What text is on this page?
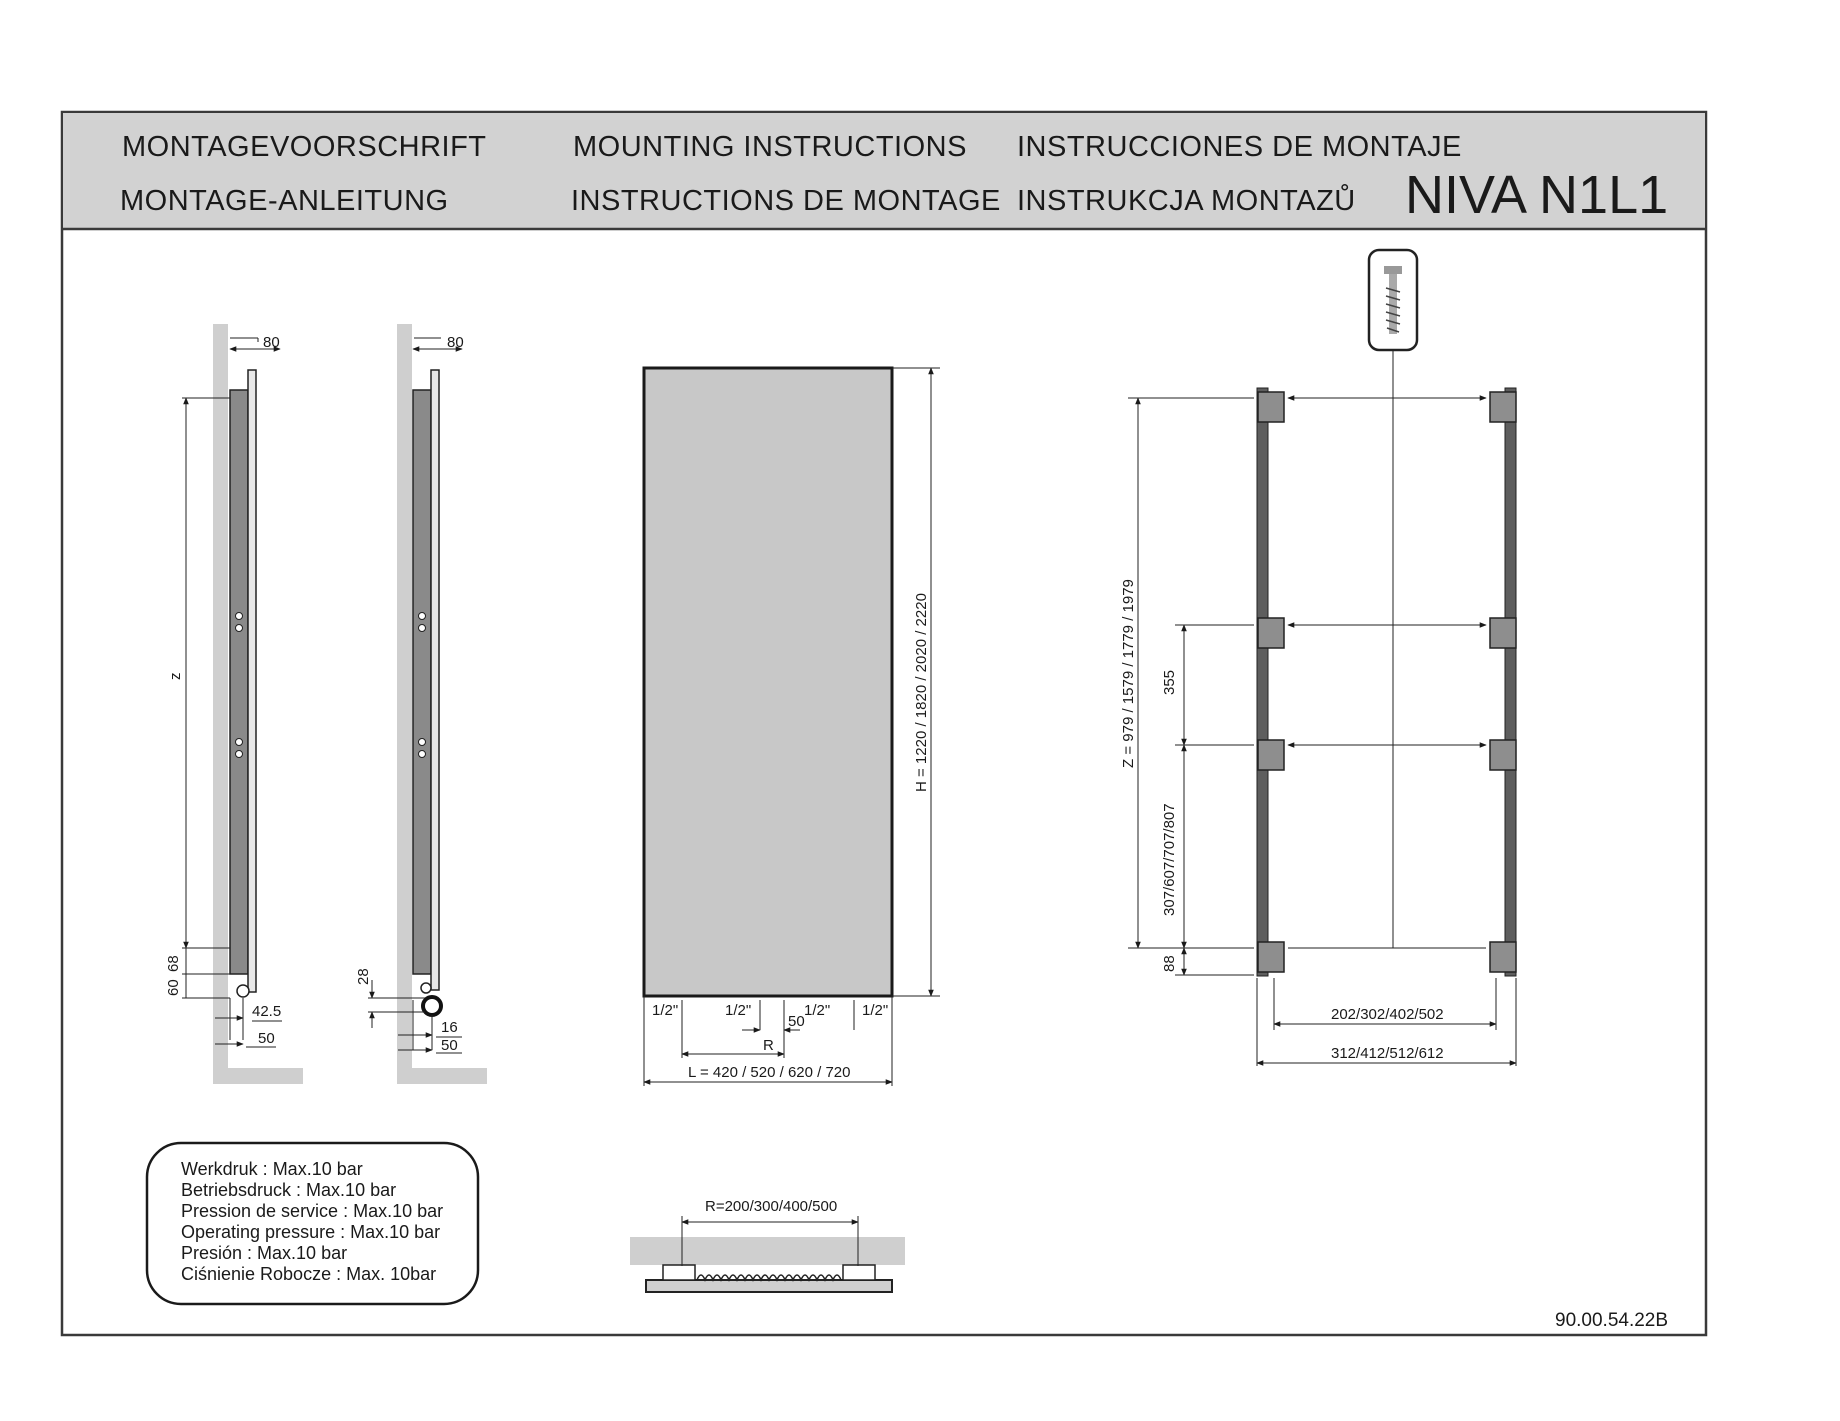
MONTAGEVOORSCHRIFT
MONTAGE-ANLEITUNG
MOUNTING INSTRUCTIONS
INSTRUCTIONS DE MONTAGE
INSTRUCCIONES DE MONTAJE
INSTRUKCJA MONTAZŮ NIVA N1L1
80
z
68
60
42.5
50
80
28
16
50
H = 1220 / 1820 / 2020 / 2220
1/2"	1/2"	1/2" 1/2"
50
R
L = 420 / 520 / 620 / 720
Z = 979 / 1579 / 1779 / 1979 355
307/607/707/807
88
202/302/402/502
312/412/512/612
R=200/300/400/500
Werkdruk : Max.10 bar
Betriebsdruck : Max.10 bar
Pression de service : Max.10 bar
Operating pressure : Max.10 bar
Presión : Max.10 bar
Ciśnienie Robocze : Max. 10bar
90.00.54.22B
